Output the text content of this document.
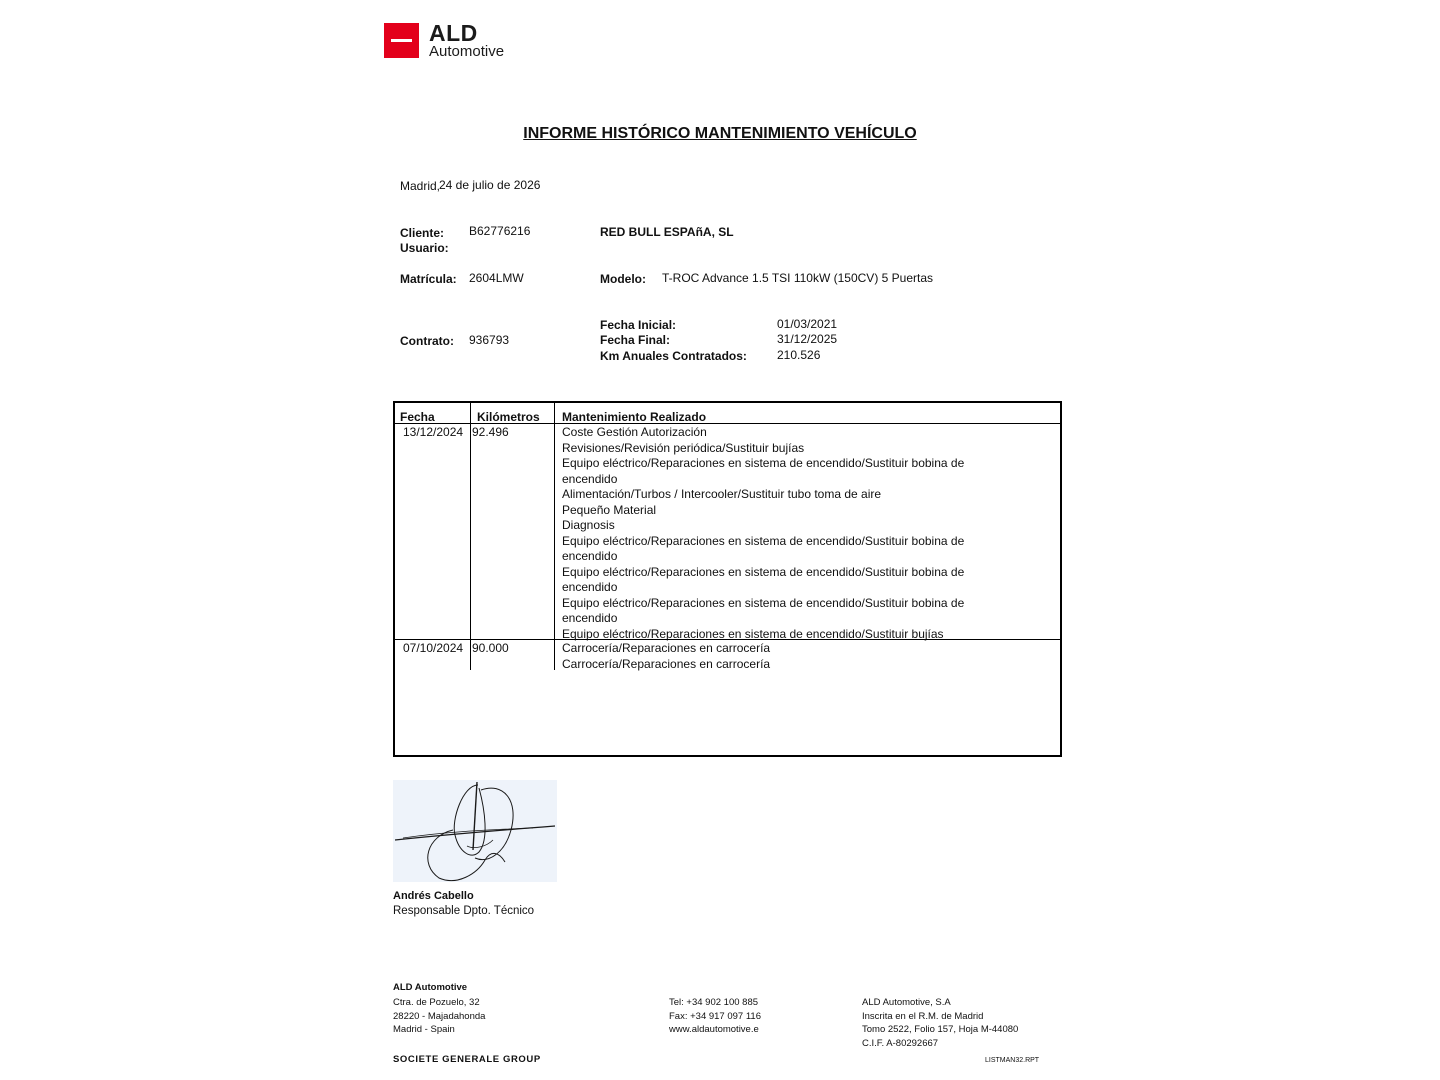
ALD
Automotive
INFORME HISTÓRICO MANTENIMIENTO VEHÍCULO
Madrid,
24 de julio de 2026
Cliente: B62776216	RED BULL ESPAñA, SL
Usuario:
Matrícula: 2604LMW	Modelo: T-ROC Advance 1.5 TSI 110kW (150CV) 5 Puertas
Fecha Inicial:	01/03/2021
Fecha Final:	31/12/2025
Contrato: 936793
Km Anuales Contratados:	210.526
Fecha	Kilómetros Mantenimiento Realizado
13/12/2024 92.496	Coste Gestión Autorización
Revisiones/Revisión periódica/Sustituir bujías
Equipo eléctrico/Reparaciones en sistema de encendido/Sustituir bobina de
encendido
Alimentación/Turbos / Intercooler/Sustituir tubo toma de aire
Pequeño Material
Diagnosis
Equipo eléctrico/Reparaciones en sistema de encendido/Sustituir bobina de
encendido
Equipo eléctrico/Reparaciones en sistema de encendido/Sustituir bobina de
encendido
Equipo eléctrico/Reparaciones en sistema de encendido/Sustituir bobina de
encendido
Equipo eléctrico/Reparaciones en sistema de encendido/Sustituir bujías
07/10/2024 90.000	Carrocería/Reparaciones en carrocería
Carrocería/Reparaciones en carrocería
Andrés Cabello
Responsable Dpto. Técnico
ALD Automotive
Ctra. de Pozuelo, 32
28220 - Majadahonda
Madrid - Spain
Tel: +34 902 100 885
Fax: +34 917 097 116
www.aldautomotive.e
ALD Automotive, S.A
Inscrita en el R.M. de Madrid
Tomo 2522, Folio 157, Hoja M-44080
C.I.F. A-80292667
SOCIETE GENERALE GROUP	LISTMAN32.RPT
